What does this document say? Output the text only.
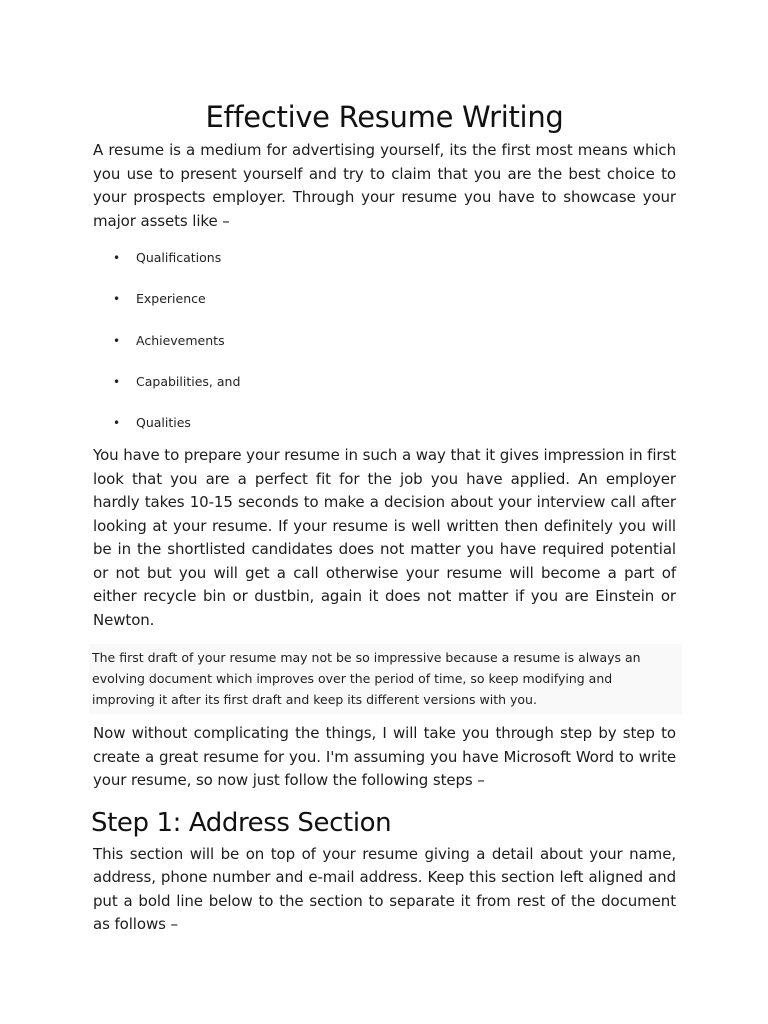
Effective Resume Writing

A resume is a medium for advertising yourself, its the first most means which you use to present yourself and try to claim that you are the best choice to your prospects employer. Through your resume you have to showcase your major assets like –

• Qualifications
• Experience
• Achievements
• Capabilities, and
• Qualities

You have to prepare your resume in such a way that it gives impression in first look that you are a perfect fit for the job you have applied. An employer hardly takes 10-15 seconds to make a decision about your interview call after looking at your resume. If your resume is well written then definitely you will be in the shortlisted candidates does not matter you have required potential or not but you will get a call otherwise your resume will become a part of either recycle bin or dustbin, again it does not matter if you are Einstein or Newton.

The first draft of your resume may not be so impressive because a resume is always an evolving document which improves over the period of time, so keep modifying and improving it after its first draft and keep its different versions with you.

Now without complicating the things, I will take you through step by step to create a great resume for you. I'm assuming you have Microsoft Word to write your resume, so now just follow the following steps –

Step 1: Address Section

This section will be on top of your resume giving a detail about your name, address, phone number and e-mail address. Keep this section left aligned and put a bold line below to the section to separate it from rest of the document as follows –
